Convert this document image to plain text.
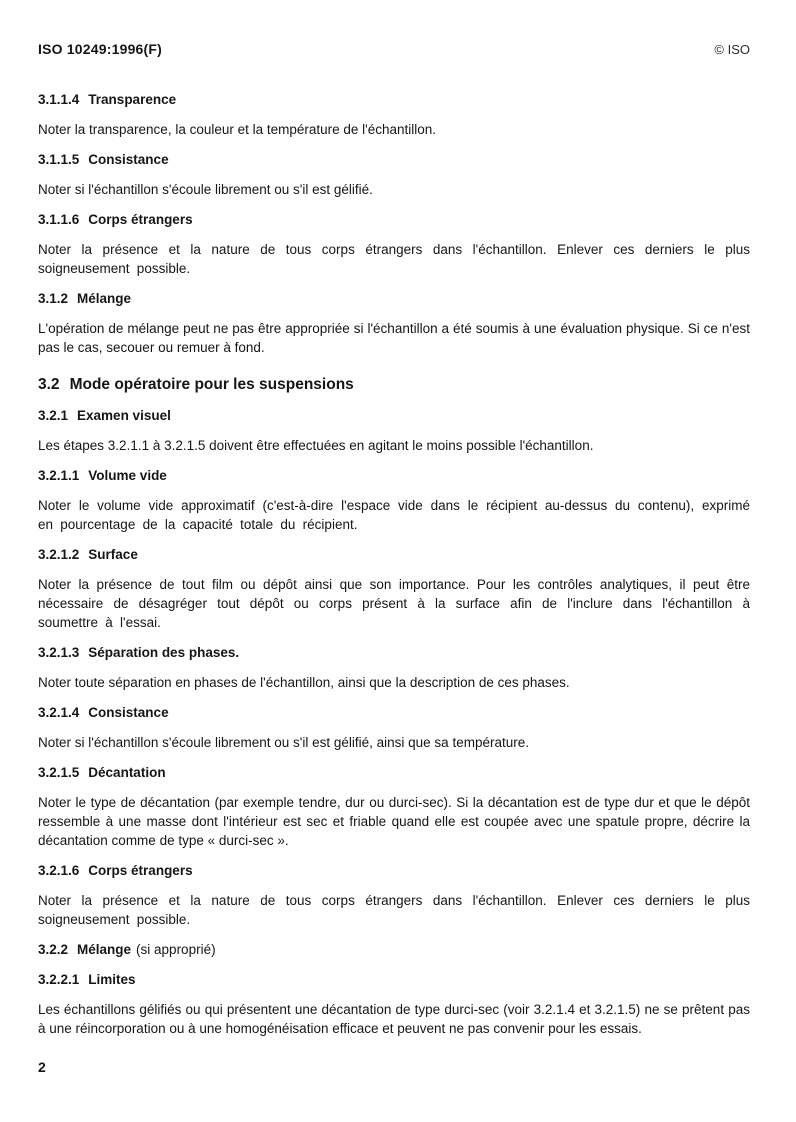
ISO 10249:1996(F)	© ISO
3.1.1.4 Transparence

Noter la transparence, la couleur et la température de l'échantillon.

3.1.1.5 Consistance

Noter si l'échantillon s'écoule librement ou s'il est gélifié.

3.1.1.6 Corps étrangers

Noter la présence et la nature de tous corps étrangers dans l'échantillon. Enlever ces derniers le plus soigneusement possible.

3.1.2 Mélange

L'opération de mélange peut ne pas être appropriée si l'échantillon a été soumis à une évaluation physique. Si ce n'est pas le cas, secouer ou remuer à fond.

3.2 Mode opératoire pour les suspensions
3.2.1 Examen visuel

Les étapes 3.2.1.1 à 3.2.1.5 doivent être effectuées en agitant le moins possible l'échantillon.

3.2.1.1 Volume vide

Noter le volume vide approximatif (c'est-à-dire l'espace vide dans le récipient au-dessus du contenu), exprimé en pourcentage de la capacité totale du récipient.

3.2.1.2 Surface

Noter la présence de tout film ou dépôt ainsi que son importance. Pour les contrôles analytiques, il peut être nécessaire de désagréger tout dépôt ou corps présent à la surface afin de l'inclure dans l'échantillon à soumettre à l'essai.

3.2.1.3 Séparation des phases.

Noter toute séparation en phases de l'échantillon, ainsi que la description de ces phases.

3.2.1.4 Consistance

Noter si l'échantillon s'écoule librement ou s'il est gélifié, ainsi que sa température.

3.2.1.5 Décantation

Noter le type de décantation (par exemple tendre, dur ou durci-sec). Si la décantation est de type dur et que le dépôt ressemble à une masse dont l'intérieur est sec et friable quand elle est coupée avec une spatule propre, décrire la décantation comme de type « durci-sec ».

3.2.1.6 Corps étrangers

Noter la présence et la nature de tous corps étrangers dans l'échantillon. Enlever ces derniers le plus soigneusement possible.

3.2.2 Mélange (si approprié)
3.2.2.1 Limites

Les échantillons gélifiés ou qui présentent une décantation de type durci-sec (voir 3.2.1.4 et 3.2.1.5) ne se prêtent pas à une réincorporation ou à une homogénéisation efficace et peuvent ne pas convenir pour les essais.

2
